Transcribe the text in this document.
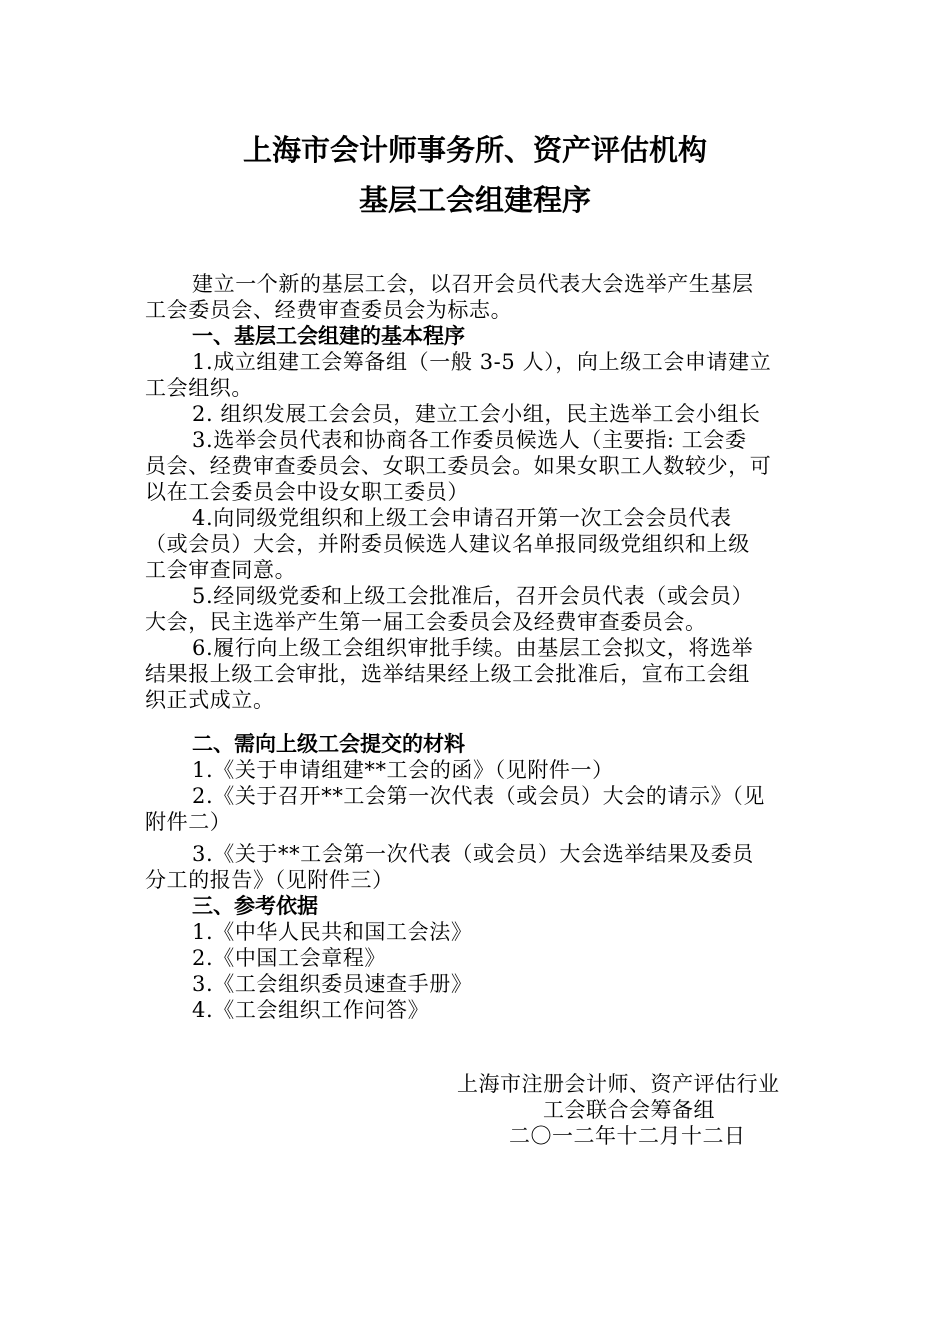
上海市会计师事务所、资产评估机构
基层工会组建程序
建立一个新的基层工会，以召开会员代表大会选举产生基层
工会委员会、经费审查委员会为标志。
一、基层工会组建的基本程序
1.成立组建工会筹备组（一般 3-5 人），向上级工会申请建立
工会组织。
2. 组织发展工会会员，建立工会小组，民主选举工会小组长
3.选举会员代表和协商各工作委员候选人（主要指: 工会委
员会、经费审查委员会、女职工委员会。如果女职工人数较少，可
以在工会委员会中设女职工委员）
4.向同级党组织和上级工会申请召开第一次工会会员代表
（或会员）大会，并附委员候选人建议名单报同级党组织和上级
工会审查同意。
5.经同级党委和上级工会批准后，召开会员代表（或会员）
大会，民主选举产生第一届工会委员会及经费审查委员会。
6.履行向上级工会组织审批手续。由基层工会拟文，将选举
结果报上级工会审批，选举结果经上级工会批准后，宣布工会组
织正式成立。
二、需向上级工会提交的材料
1.《关于申请组建**工会的函》（见附件一）
2.《关于召开**工会第一次代表（或会员）大会的请示》（见
附件二）
3.《关于**工会第一次代表（或会员）大会选举结果及委员
分工的报告》（见附件三）
三、参考依据
1.《中华人民共和国工会法》
2.《中国工会章程》
3.《工会组织委员速查手册》
4.《工会组织工作问答》
上海市注册会计师、资产评估行业
工会联合会筹备组
二〇一二年十二月十二日
